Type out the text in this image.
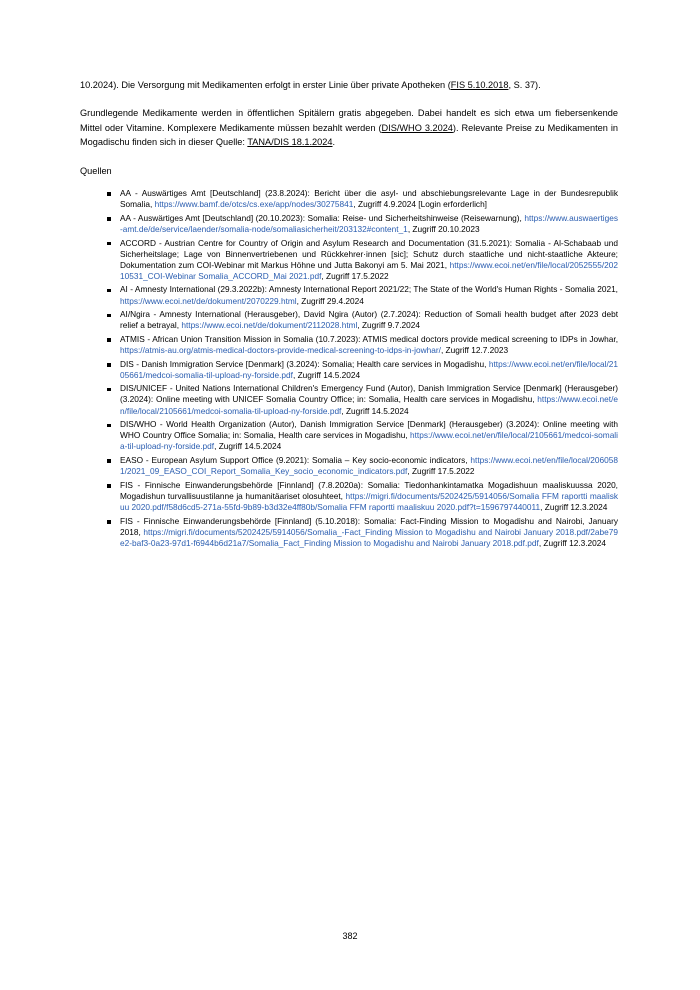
10.2024). Die Versorgung mit Medikamenten erfolgt in erster Linie über private Apotheken (FIS 5.10.2018, S. 37).

Grundlegende Medikamente werden in öffentlichen Spitälern gratis abgegeben. Dabei handelt es sich etwa um fiebersenkende Mittel oder Vitamine. Komplexere Medikamente müssen bezahlt werden (DIS/WHO 3.2024). Relevante Preise zu Medikamenten in Mogadischu finden sich in dieser Quelle: TANA/DIS 18.1.2024.

Quellen
AA - Auswärtiges Amt [Deutschland] (23.8.2024): Bericht über die asyl- und abschiebungsrelevante Lage in der Bundesrepublik Somalia, https://www.bamf.de/otcs/cs.exe/app/nodes/30275841, Zugriff 4.9.2024 [Login erforderlich]
AA - Auswärtiges Amt [Deutschland] (20.10.2023): Somalia: Reise- und Sicherheitshinweise (Reisewarnung), https://www.auswaertiges-amt.de/de/service/laender/somalia-node/somaliasicherheit/203132#content_1, Zugriff 20.10.2023
ACCORD - Austrian Centre for Country of Origin and Asylum Research and Documentation (31.5.2021): Somalia - Al-Schabaab und Sicherheitslage; Lage von Binnenvertriebenen und Rückkehrer·innen [sic]; Schutz durch staatliche und nicht-staatliche Akteure; Dokumentation zum COI-Webinar mit Markus Höhne und Jutta Bakonyi am 5. Mai 2021, https://www.ecoi.net/en/file/local/2052555/20210531_COI-Webinar Somalia_ACCORD_Mai 2021.pdf, Zugriff 17.5.2022
AI - Amnesty International (29.3.2022b): Amnesty International Report 2021/22; The State of the World's Human Rights - Somalia 2021, https://www.ecoi.net/de/dokument/2070229.html, Zugriff 29.4.2024
AI/Ngira - Amnesty International (Herausgeber), David Ngira (Autor) (2.7.2024): Reduction of Somali health budget after 2023 debt relief a betrayal, https://www.ecoi.net/de/dokument/2112028.html, Zugriff 9.7.2024
ATMIS - African Union Transition Mission in Somalia (10.7.2023): ATMIS medical doctors provide medical screening to IDPs in Jowhar, https://atmis-au.org/atmis-medical-doctors-provide-medical-screening-to-idps-in-jowhar/, Zugriff 12.7.2023
DIS - Danish Immigration Service [Denmark] (3.2024): Somalia; Health care services in Mogadishu, https://www.ecoi.net/en/file/local/2105661/medcoi-somalia-til-upload-ny-forside.pdf, Zugriff 14.5.2024
DIS/UNICEF - United Nations International Children's Emergency Fund (Autor), Danish Immigration Service [Denmark] (Herausgeber) (3.2024): Online meeting with UNICEF Somalia Country Office; in: Somalia, Health care services in Mogadishu, https://www.ecoi.net/en/file/local/2105661/medcoi-somalia-til-upload-ny-forside.pdf, Zugriff 14.5.2024
DIS/WHO - World Health Organization (Autor), Danish Immigration Service [Denmark] (Herausgeber) (3.2024): Online meeting with WHO Country Office Somalia; in: Somalia, Health care services in Mogadishu, https://www.ecoi.net/en/file/local/2105661/medcoi-somalia-til-upload-ny-forside.pdf, Zugriff 14.5.2024
EASO - European Asylum Support Office (9.2021): Somalia – Key socio-economic indicators, https://www.ecoi.net/en/file/local/2060581/2021_09_EASO_COI_Report_Somalia_Key_socio_economic_indicators.pdf, Zugriff 17.5.2022
FIS - Finnische Einwanderungsbehörde [Finnland] (7.8.2020a): Somalia: Tiedonhankintamatka Mogadishuun maaliskuussa 2020, Mogadishun turvallisuustilanne ja humanitäariset olosuhteet, https://migri.fi/documents/5202425/5914056/Somalia FFM raportti maaliskuu 2020.pdf/f58d6cd5-271a-55fd-9b89-b3d32e4ff80b/Somalia FFM raportti maaliskuu 2020.pdf?t=1596797440011, Zugriff 12.3.2024
FIS - Finnische Einwanderungsbehörde [Finnland] (5.10.2018): Somalia: Fact-Finding Mission to Mogadishu and Nairobi, January 2018, https://migri.fi/documents/5202425/5914056/Somalia_-Fact_Finding Mission to Mogadishu and Nairobi January 2018.pdf/2abe79e2-baf3-0a23-97d1-f6944b6d21a7/Somalia_Fact_Finding Mission to Mogadishu and Nairobi January 2018.pdf.pdf, Zugriff 12.3.2024
382
